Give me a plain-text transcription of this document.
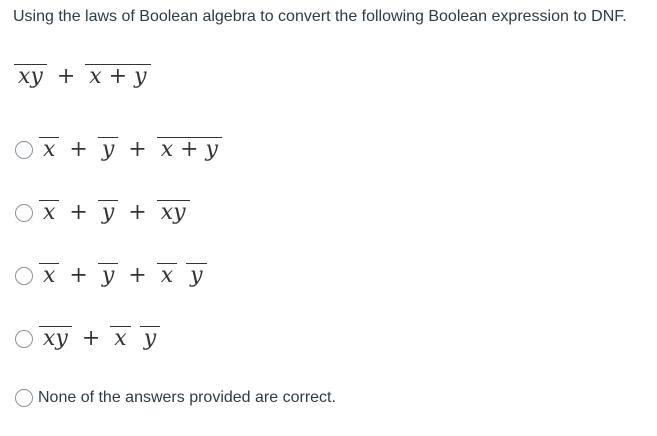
Using the laws of Boolean algebra to convert the following Boolean expression to DNF.
xy + x + y
x + y + x + y
x + y + xy
x + y + x y
xy + x y
None of the answers provided are correct.
